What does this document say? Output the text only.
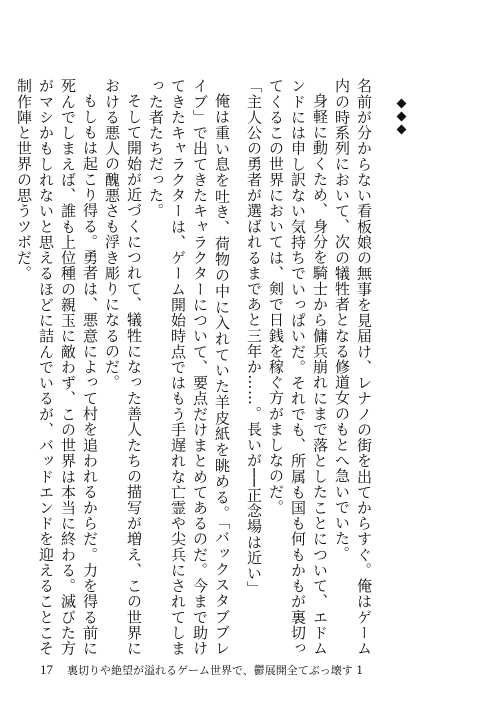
名前が分からない看板娘の無事を見届け、レナノの街を出てからすぐ。俺はゲーム内の時系列において、次の犠牲者となる修道女のもとへ急いでいた。

身軽に動くため、身分を騎士から傭兵崩れにまで落としたことについて、エドムンドには申し訳ない気持ちでいっぱいだ。それでも、所属も国も何もかもが裏切ってくるこの世界においては、剣で日銭を稼ぐ方がましなのだ。

「主人公の勇者が選ばれるまであと三年か……。長いが──正念場は近い」

俺は重い息を吐き、荷物の中に入れていた羊皮紙を眺める。「バックスタブブレイブ」で出てきたキャラクターについて、要点だけまとめてあるのだ。今まで助けてきたキャラクターは、ゲーム開始時点ではもう手遅れな亡霊や尖兵にされてしまった者たちだった。

そして開始が近づくにつれて、犠牲になった善人たちの描写が増え、この世界における悪人の醜悪さも浮き彫りになるのだ。

もしもは起こり得る。勇者は、悪意によって村を追われるからだ。力を得る前に死んでしまえば、誰も上位種の親玉に敵わず、この世界は本当に終わる。滅びた方がマシかもしれないと思えるほどに詰んでいるが、バッドエンドを迎えることこそ制作陣と世界の思うツボだ。

17 裏切りや絶望が溢れるゲーム世界で、鬱展開全てぶっ壊す 1
